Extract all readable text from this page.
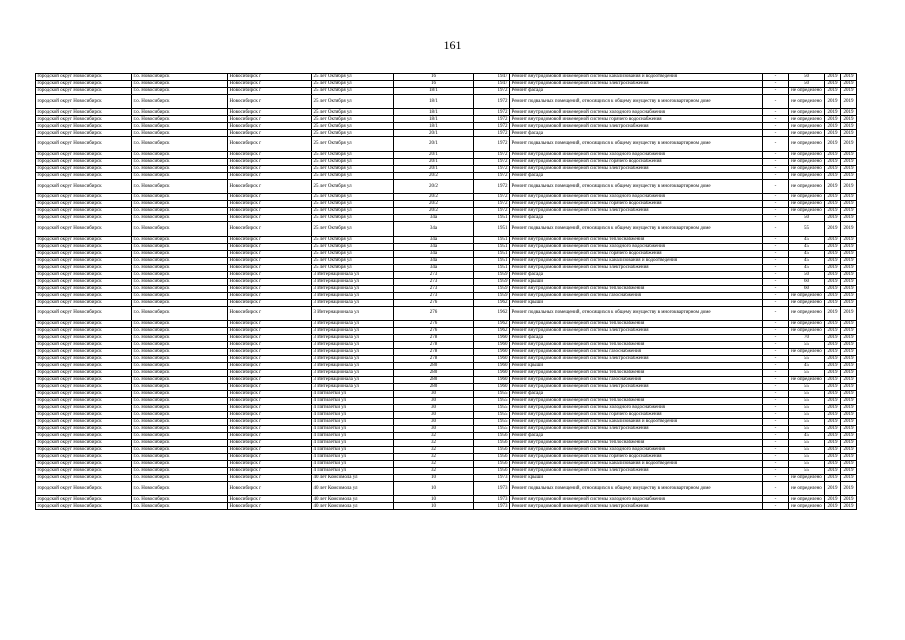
161
городской округ Новосибирск	г.о. Новосибирск	Новосибирск г	25 лет Октября ул	16	1947	Ремонт внутридомовой инженерной системы канализования и водоотведения	-	50	2019	2019
городской округ Новосибирск	г.о. Новосибирск	Новосибирск г	25 лет Октября ул	16	1947	Ремонт внутридомовой инженерной системы электроснабжения	-	50	2019	2019
городской округ Новосибирск	г.о. Новосибирск	Новосибирск г	25 лет Октября ул	18/1	1972	Ремонт фасада	-	не определено	2019	2019
городской округ Новосибирск	г.о. Новосибирск	Новосибирск г	25 лет Октября ул	18/1	1972	Ремонт подвальных помещений, относящихся к общему имуществу в многоквартирном доме	-	не определено	2019	2019
городской округ Новосибирск	г.о. Новосибирск	Новосибирск г	25 лет Октября ул	18/1	1972	Ремонт внутридомовой инженерной системы холодного водоснабжения	-	не определено	2019	2019
городской округ Новосибирск	г.о. Новосибирск	Новосибирск г	25 лет Октября ул	18/1	1972	Ремонт внутридомовой инженерной системы горячего водоснабжения	-	не определено	2019	2019
городской округ Новосибирск	г.о. Новосибирск	Новосибирск г	25 лет Октября ул	18/1	1972	Ремонт внутридомовой инженерной системы электроснабжения	-	не определено	2019	2019
городской округ Новосибирск	г.о. Новосибирск	Новосибирск г	25 лет Октября ул	20/1	1972	Ремонт фасада	-	не определено	2019	2019
городской округ Новосибирск	г.о. Новосибирск	Новосибирск г	25 лет Октября ул	20/1	1972	Ремонт подвальных помещений, относящихся к общему имуществу в многоквартирном доме	-	не определено	2019	2019
городской округ Новосибирск	г.о. Новосибирск	Новосибирск г	25 лет Октября ул	20/1	1972	Ремонт внутридомовой инженерной системы холодного водоснабжения	-	не определено	2019	2019
городской округ Новосибирск	г.о. Новосибирск	Новосибирск г	25 лет Октября ул	20/1	1972	Ремонт внутридомовой инженерной системы горячего водоснабжения	-	не определено	2019	2019
городской округ Новосибирск	г.о. Новосибирск	Новосибирск г	25 лет Октября ул	20/1	1972	Ремонт внутридомовой инженерной системы электроснабжения	-	не определено	2019	2019
городской округ Новосибирск	г.о. Новосибирск	Новосибирск г	25 лет Октября ул	20/2	1972	Ремонт фасада	-	не определено	2019	2019
городской округ Новосибирск	г.о. Новосибирск	Новосибирск г	25 лет Октября ул	20/2	1972	Ремонт подвальных помещений, относящихся к общему имуществу в многоквартирном доме	-	не определено	2019	2019
городской округ Новосибирск	г.о. Новосибирск	Новосибирск г	25 лет Октября ул	20/2	1972	Ремонт внутридомовой инженерной системы холодного водоснабжения	-	не определено	2019	2019
городской округ Новосибирск	г.о. Новосибирск	Новосибирск г	25 лет Октября ул	20/2	1972	Ремонт внутридомовой инженерной системы горячего водоснабжения	-	не определено	2019	2019
городской округ Новосибирск	г.о. Новосибирск	Новосибирск г	25 лет Октября ул	20/2	1972	Ремонт внутридомовой инженерной системы электроснабжения	-	не определено	2019	2019
городской округ Новосибирск	г.о. Новосибирск	Новосибирск г	25 лет Октября ул	34а	1951	Ремонт фасада	-	50	2019	2019
городской округ Новосибирск	г.о. Новосибирск	Новосибирск г	25 лет Октября ул	34а	1951	Ремонт подвальных помещений, относящихся к общему имуществу в многоквартирном доме	-	55	2019	2019
городской округ Новосибирск	г.о. Новосибирск	Новосибирск г	25 лет Октября ул	34а	1951	Ремонт внутридомовой инженерной системы теплоснабжения	-	45	2019	2019
городской округ Новосибирск	г.о. Новосибирск	Новосибирск г	25 лет Октября ул	34а	1951	Ремонт внутридомовой инженерной системы холодного водоснабжения	-	45	2019	2019
городской округ Новосибирск	г.о. Новосибирск	Новосибирск г	25 лет Октября ул	34а	1951	Ремонт внутридомовой инженерной системы горячего водоснабжения	-	45	2019	2019
городской округ Новосибирск	г.о. Новосибирск	Новосибирск г	25 лет Октября ул	34а	1951	Ремонт внутридомовой инженерной системы канализования и водоотведения	-	45	2019	2019
городской округ Новосибирск	г.о. Новосибирск	Новосибирск г	25 лет Октября ул	34а	1951	Ремонт внутридомовой инженерной системы электроснабжения	-	45	2019	2019
городской округ Новосибирск	г.о. Новосибирск	Новосибирск г	3 Интернационала ул	273	1959	Ремонт фасада	-	50	2019	2019
городской округ Новосибирск	г.о. Новосибирск	Новосибирск г	3 Интернационала ул	273	1959	Ремонт крыши	-	60	2019	2019
городской округ Новосибирск	г.о. Новосибирск	Новосибирск г	3 Интернационала ул	273	1959	Ремонт внутридомовой инженерной системы теплоснабжения	-	60	2019	2019
городской округ Новосибирск	г.о. Новосибирск	Новосибирск г	3 Интернационала ул	273	1959	Ремонт внутридомовой инженерной системы газоснабжения	-	не определено	2019	2019
городской округ Новосибирск	г.о. Новосибирск	Новосибирск г	3 Интернационала ул	276	1962	Ремонт крыши	-	не определено	2019	2019
городской округ Новосибирск	г.о. Новосибирск	Новосибирск г	3 Интернационала ул	276	1962	Ремонт подвальных помещений, относящихся к общему имуществу в многоквартирном доме	-	не определено	2019	2019
городской округ Новосибирск	г.о. Новосибирск	Новосибирск г	3 Интернационала ул	276	1962	Ремонт внутридомовой инженерной системы теплоснабжения	-	не определено	2019	2019
городской округ Новосибирск	г.о. Новосибирск	Новосибирск г	3 Интернационала ул	276	1962	Ремонт внутридомовой инженерной системы электроснабжения	-	не определено	2019	2019
городской округ Новосибирск	г.о. Новосибирск	Новосибирск г	3 Интернационала ул	278	1960	Ремонт фасада	-	70	2019	2019
городской округ Новосибирск	г.о. Новосибирск	Новосибирск г	3 Интернационала ул	278	1960	Ремонт внутридомовой инженерной системы теплоснабжения	-	55	2019	2019
городской округ Новосибирск	г.о. Новосибирск	Новосибирск г	3 Интернационала ул	278	1960	Ремонт внутридомовой инженерной системы газоснабжения	-	не определено	2019	2019
городской округ Новосибирск	г.о. Новосибирск	Новосибирск г	3 Интернационала ул	278	1960	Ремонт внутридомовой инженерной системы электроснабжения	-	55	2019	2019
городской округ Новосибирск	г.о. Новосибирск	Новосибирск г	3 Интернационала ул	280	1960	Ремонт крыши	-	45	2019	2019
городской округ Новосибирск	г.о. Новосибирск	Новосибирск г	3 Интернационала ул	280	1960	Ремонт внутридомовой инженерной системы теплоснабжения	-	55	2019	2019
городской округ Новосибирск	г.о. Новосибирск	Новосибирск г	3 Интернационала ул	280	1960	Ремонт внутридомовой инженерной системы газоснабжения	-	не определено	2019	2019
городской округ Новосибирск	г.о. Новосибирск	Новосибирск г	3 Интернационала ул	280	1960	Ремонт внутридомовой инженерной системы электроснабжения	-	55	2019	2019
городской округ Новосибирск	г.о. Новосибирск	Новосибирск г	4 Пятилетки ул	30	1955	Ремонт фасада	-	55	2019	2019
городской округ Новосибирск	г.о. Новосибирск	Новосибирск г	4 Пятилетки ул	30	1955	Ремонт внутридомовой инженерной системы теплоснабжения	-	55	2019	2019
городской округ Новосибирск	г.о. Новосибирск	Новосибирск г	4 Пятилетки ул	30	1955	Ремонт внутридомовой инженерной системы холодного водоснабжения	-	55	2019	2019
городской округ Новосибирск	г.о. Новосибирск	Новосибирск г	4 Пятилетки ул	30	1955	Ремонт внутридомовой инженерной системы горячего водоснабжения	-	55	2019	2019
городской округ Новосибирск	г.о. Новосибирск	Новосибирск г	4 Пятилетки ул	30	1955	Ремонт внутридомовой инженерной системы канализования и водоотведения	-	55	2019	2019
городской округ Новосибирск	г.о. Новосибирск	Новосибирск г	4 Пятилетки ул	30	1955	Ремонт внутридомовой инженерной системы электроснабжения	-	55	2019	2019
городской округ Новосибирск	г.о. Новосибирск	Новосибирск г	4 Пятилетки ул	32	1956	Ремонт фасада	-	45	2019	2019
городской округ Новосибирск	г.о. Новосибирск	Новосибирск г	4 Пятилетки ул	32	1956	Ремонт внутридомовой инженерной системы теплоснабжения	-	55	2019	2019
городской округ Новосибирск	г.о. Новосибирск	Новосибирск г	4 Пятилетки ул	32	1956	Ремонт внутридомовой инженерной системы холодного водоснабжения	-	55	2019	2019
городской округ Новосибирск	г.о. Новосибирск	Новосибирск г	4 Пятилетки ул	32	1956	Ремонт внутридомовой инженерной системы горячего водоснабжения	-	55	2019	2019
городской округ Новосибирск	г.о. Новосибирск	Новосибирск г	4 Пятилетки ул	32	1956	Ремонт внутридомовой инженерной системы канализования и водоотведения	-	55	2019	2019
городской округ Новосибирск	г.о. Новосибирск	Новосибирск г	4 Пятилетки ул	32	1956	Ремонт внутридомовой инженерной системы электроснабжения	-	55	2019	2019
городской округ Новосибирск	г.о. Новосибирск	Новосибирск г	40 лет Комсомола ул	10	1973	Ремонт крыши	-	не определено	2019	2019
городской округ Новосибирск	г.о. Новосибирск	Новосибирск г	40 лет Комсомола ул	10	1973	Ремонт подвальных помещений, относящихся к общему имуществу в многоквартирном доме	-	не определено	2019	2019
городской округ Новосибирск	г.о. Новосибирск	Новосибирск г	40 лет Комсомола ул	10	1973	Ремонт внутридомовой инженерной системы холодного водоснабжения	-	не определено	2019	2019
городской округ Новосибирск	г.о. Новосибирск	Новосибирск г	40 лет Комсомола ул	10	1973	Ремонт внутридомовой инженерной системы электроснабжения	-	не определено	2019	2019
